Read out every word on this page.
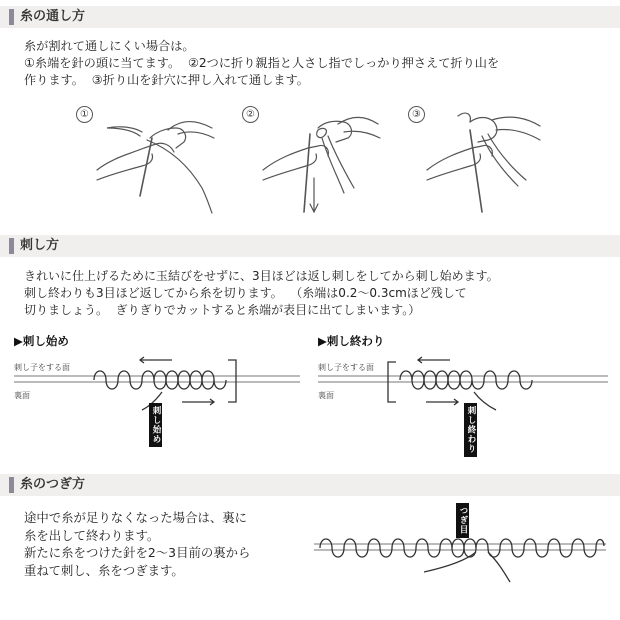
糸の通し方
糸が割れて通しにくい場合は。
①糸端を針の頭に当てます。  ②2つに折り親指と人さし指でしっかり押さえて折り山を
作ります。  ③折り山を針穴に押し入れて通します。
①	②	③
刺し方
きれいに仕上げるために玉結びをせずに、3目ほどは返し刺しをしてから刺し始めます。
刺し終わりも3目ほど返してから糸を切ります。  （糸端は0.2〜0.3cmほど残して
切りましょう。  ぎりぎりでカットすると糸端が表目に出てしまいます。）
▶刺し始め
刺し子をする面
裏面
刺し始め
▶刺し終わり
刺し子をする面
裏面
刺し終わり
糸のつぎ方
途中で糸が足りなくなった場合は、裏に
糸を出して終わります。
新たに糸をつけた針を2〜3目前の裏から
重ねて刺し、糸をつぎます。
つぎ目
